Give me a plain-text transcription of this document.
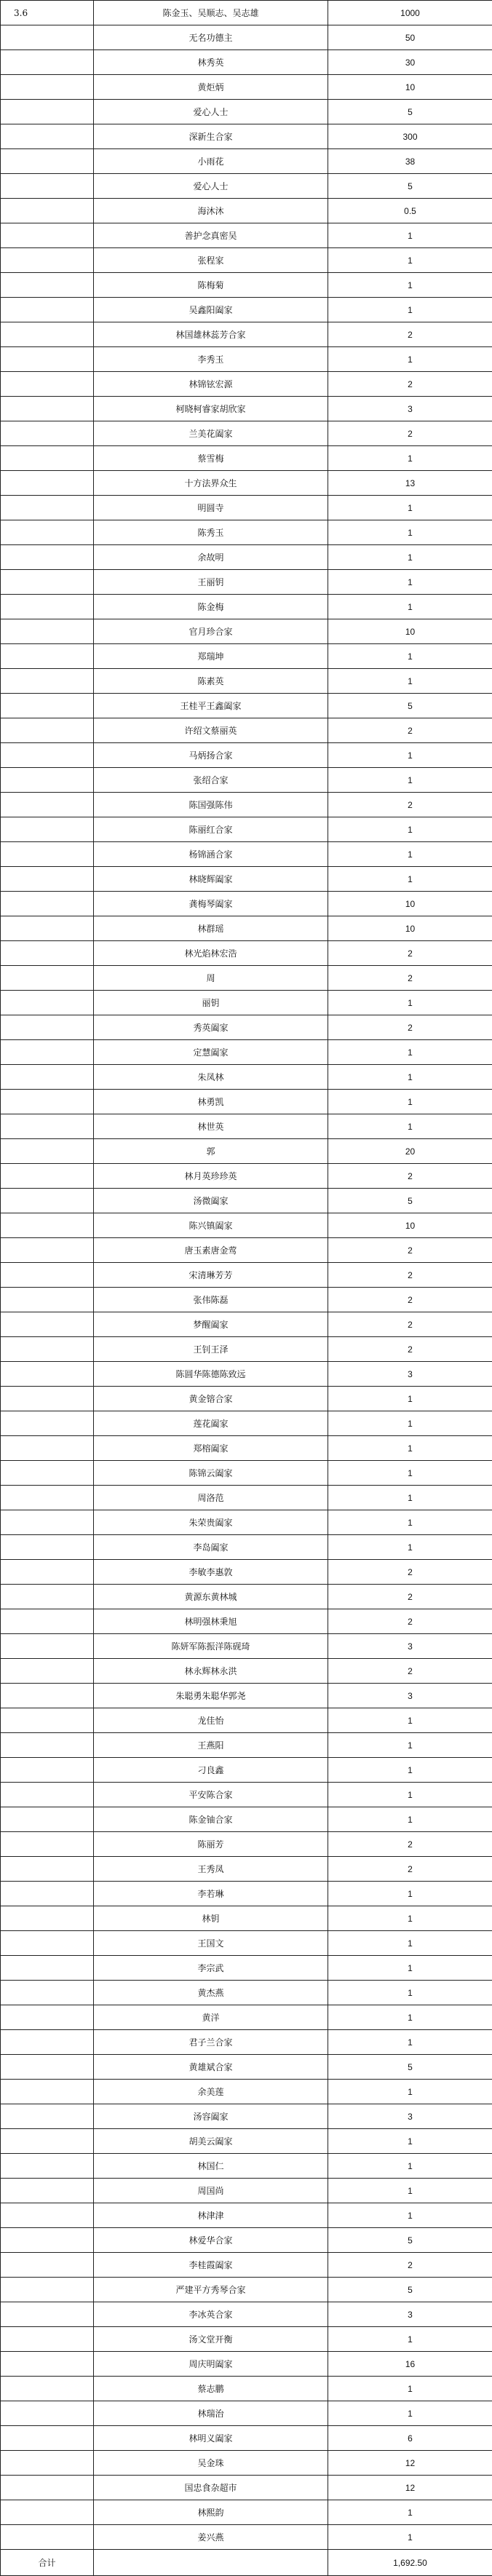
3.6	陈金玉、吴顺志、吴志雄	1000
	无名功德主	50
	林秀英	30
	黄炬炳	10
	爱心人士	5
	深新生合家	300
	小雨花	38
	爱心人士	5
	海沐沐	0.5
	善护念真密吴	1
	张程家	1
	陈梅菊	1
	吴鑫阳阖家	1
	林国雄林蕊芳合家	2
	李秀玉	1
	林锦铉宏源	2
	柯晓柯睿家胡欣家	3
	兰美花阖家	2
	蔡雪梅	1
	十方法界众生	13
	明圆寺	1
	陈秀玉	1
	余故明	1
	王丽钥	1
	陈金梅	1
	官月珍合家	10
	郑瑞坤	1
	陈素英	1
	王桂平王鑫阖家	5
	许绍文蔡丽英	2
	马炳扬合家	1
	张绍合家	1
	陈国强陈伟	2
	陈丽红合家	1
	杨锦涵合家	1
	林晓辉阖家	1
	龚梅琴阖家	10
	林群瑶	10
	林光焰林宏浩	2
	周	2
	丽钥	1
	秀英阖家	2
	定慧阖家	1
	朱凤林	1
	林勇凯	1
	林世英	1
	郭	20
	林月英珍珍英	2
	汤微阖家	5
	陈兴镇阖家	10
	唐玉素唐金莺	2
	宋清琳芳芳	2
	张伟陈磊	2
	梦醒阖家	2
	王钊王泽	2
	陈圆华陈德陈致远	3
	黄金镕合家	1
	莲花阖家	1
	郑榕阖家	1
	陈锦云阖家	1
	周洛范	1
	朱荣贵阖家	1
	李岛阖家	1
	李敏李惠敦	2
	黄源东黄林城	2
	林明强林秉旭	2
	陈妍军陈振洋陈砚琦	3
	林永辉林永洪	2
	朱聪勇朱聪华郭尧	3
	龙佳怡	1
	王燕阳	1
	刁良鑫	1
	平安陈合家	1
	陈金铀合家	1
	陈丽芳	2
	王秀凤	2
	李若琳	1
	林钥	1
	王国文	1
	李宗武	1
	黄杰燕	1
	黄洋	1
	君子兰合家	1
	黄雄斌合家	5
	余美莲	1
	汤容阖家	3
	胡美云阖家	1
	林国仁	1
	周国尚	1
	林津津	1
	林爱华合家	5
	李桂霞阖家	2
	严建平方秀琴合家	5
	李冰英合家	3
	汤文堂开衡	1
	周庆明阖家	16
	蔡志鹏	1
	林瑞治	1
	林明义阖家	6
	吴金珠	12
	国忠食杂超市	12
	林熙韵	1
	姜兴燕	1
合计		1,692.50
